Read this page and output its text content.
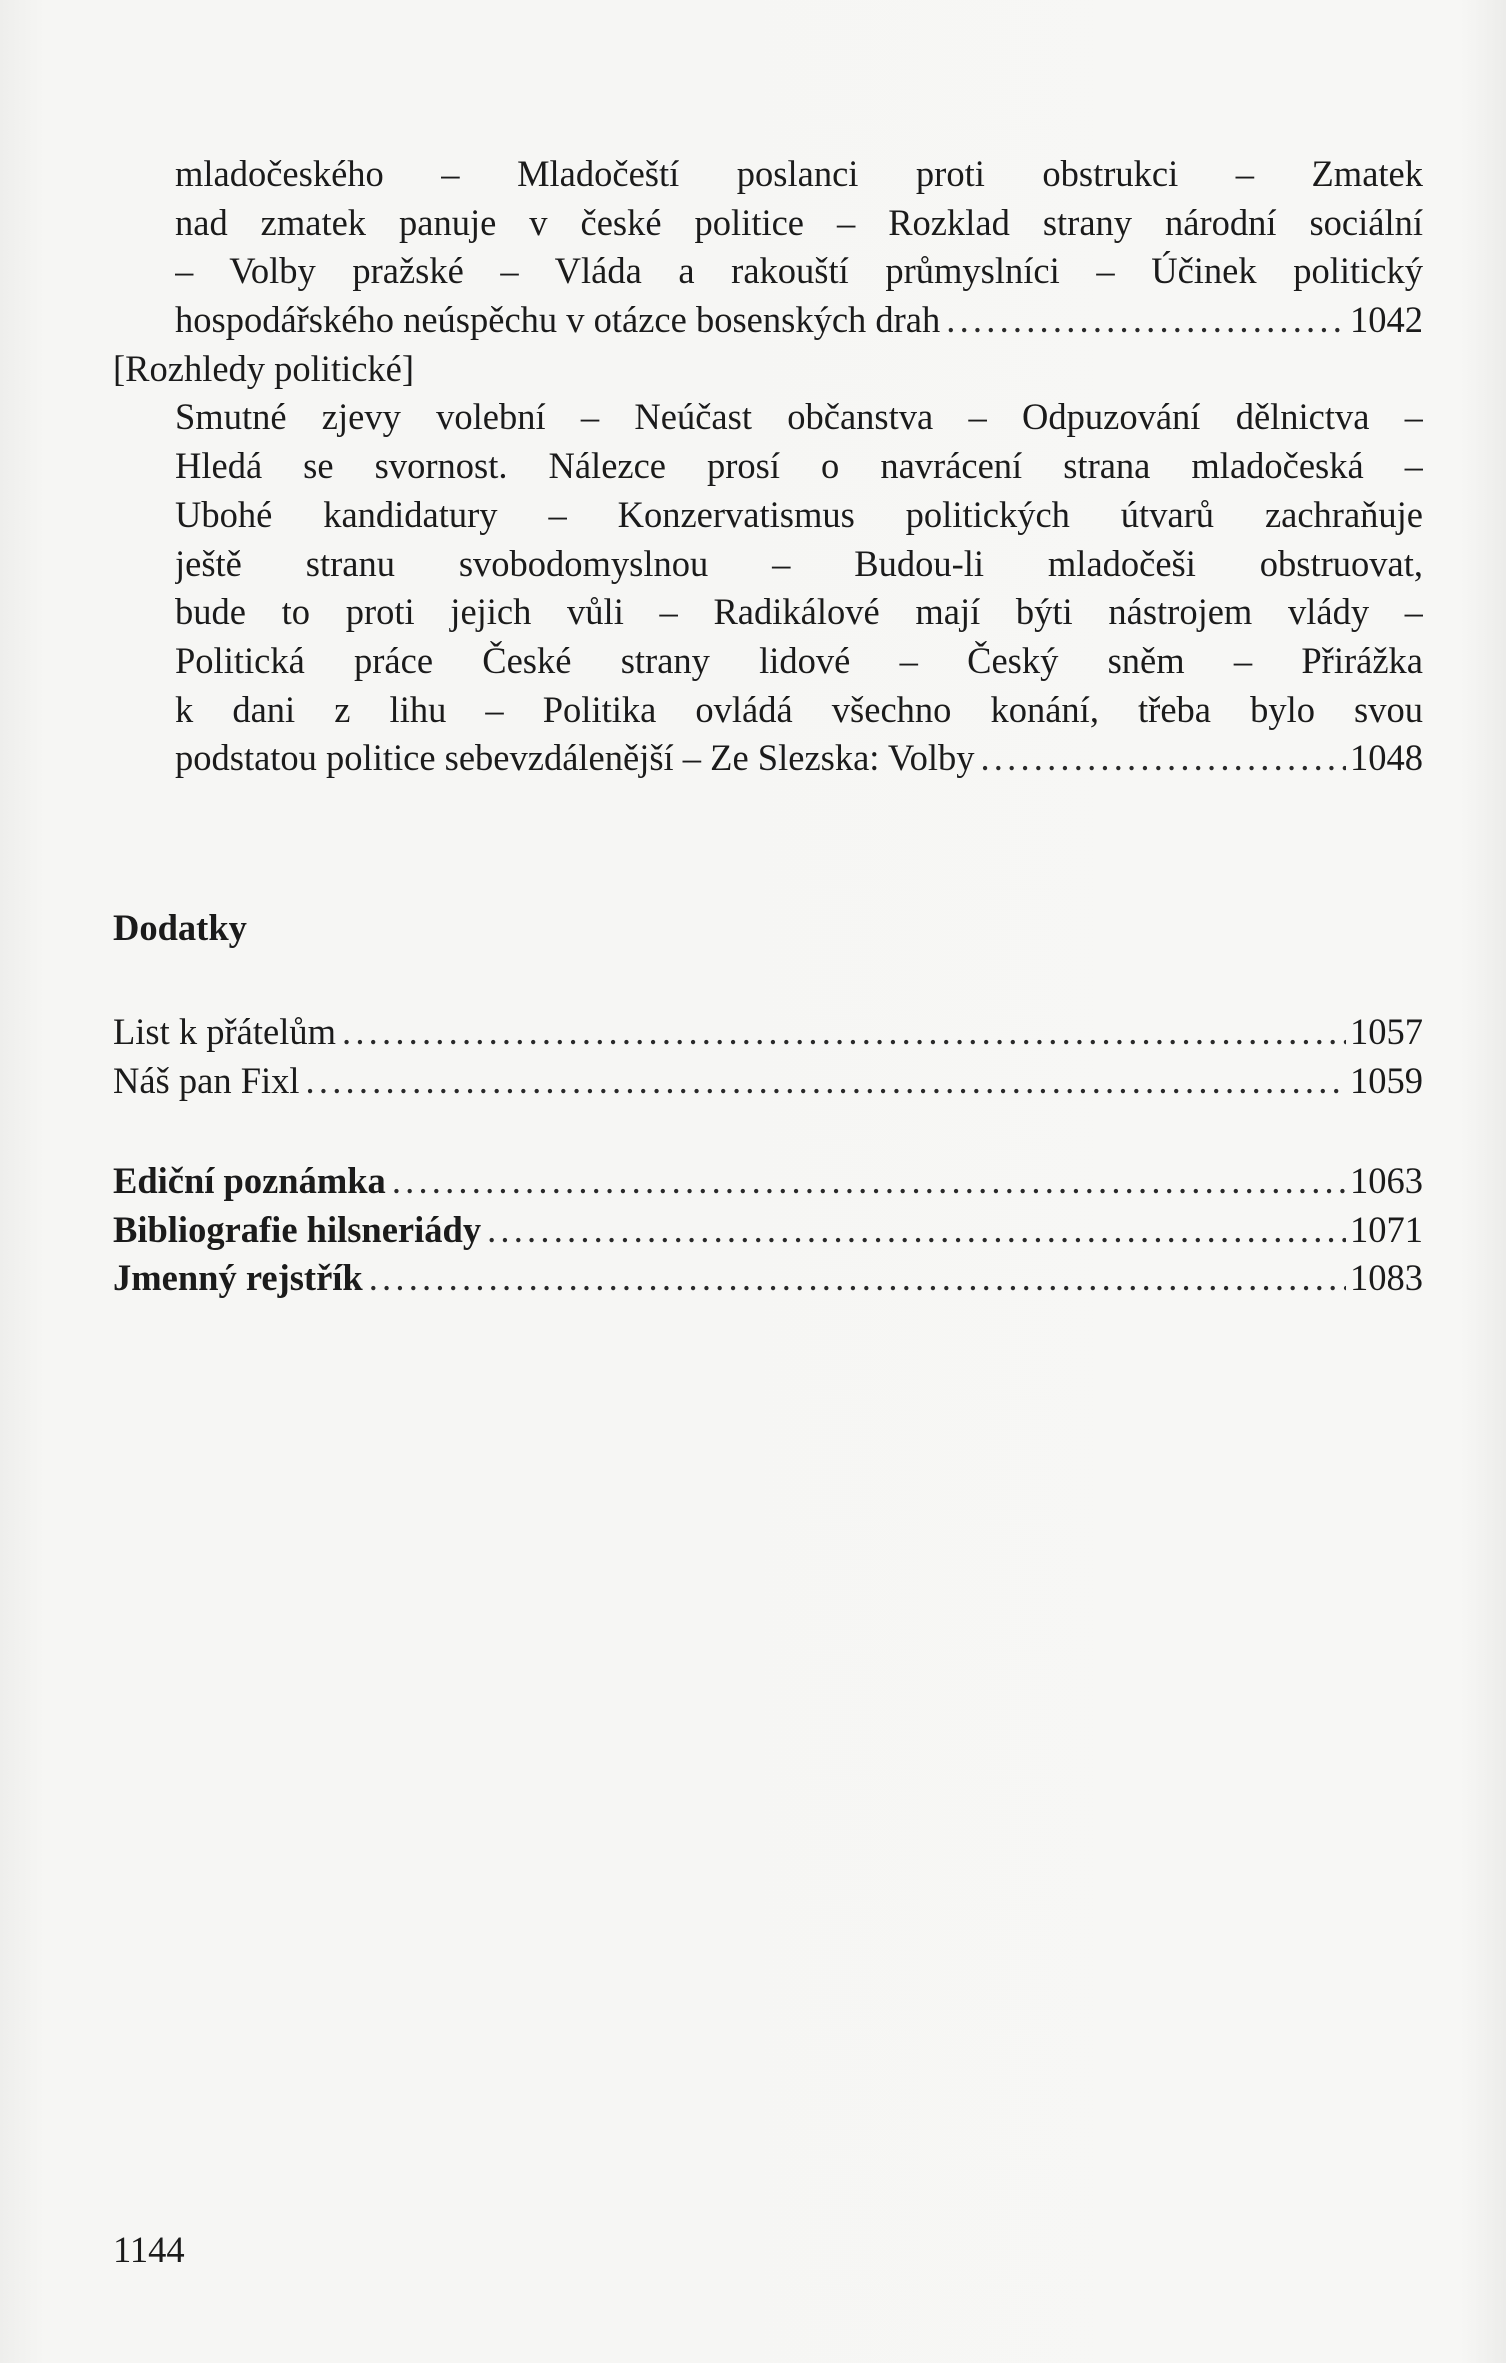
mladočeského – Mladočeští poslanci proti obstrukci – Zmatek
nad zmatek panuje v české politice – Rozklad strany národní sociální
– Volby pražské – Vláda a rakouští průmyslníci – Účinek politický
hospodářského neúspěchu v otázce bosenských drah .....	1042
[Rozhledy politické]
Smutné zjevy volební – Neúčast občanstva – Odpuzování dělnictva –
Hledá se svornost. Nálezce prosí o navrácení strana mladočeská –
Ubohé kandidatury – Konzervatismus politických útvarů zachraňuje
ještě stranu svobodomyslnou – Budou-li mladočeši obstruovat,
bude to proti jejich vůli – Radikálové mají býti nástrojem vlády –
Politická práce České strany lidové – Český sněm – Přirážka
k dani z lihu – Politika ovládá všechno konání, třeba bylo svou
podstatou politice sebevzdálenější – Ze Slezska: Volby .....	1048
Dodatky
List k přátelům .....	1057
Náš pan Fixl .....	1059
Ediční poznámka .....	1063
Bibliografie hilsneriády .....	1071
Jmenný rejstřík .....	1083
1144
